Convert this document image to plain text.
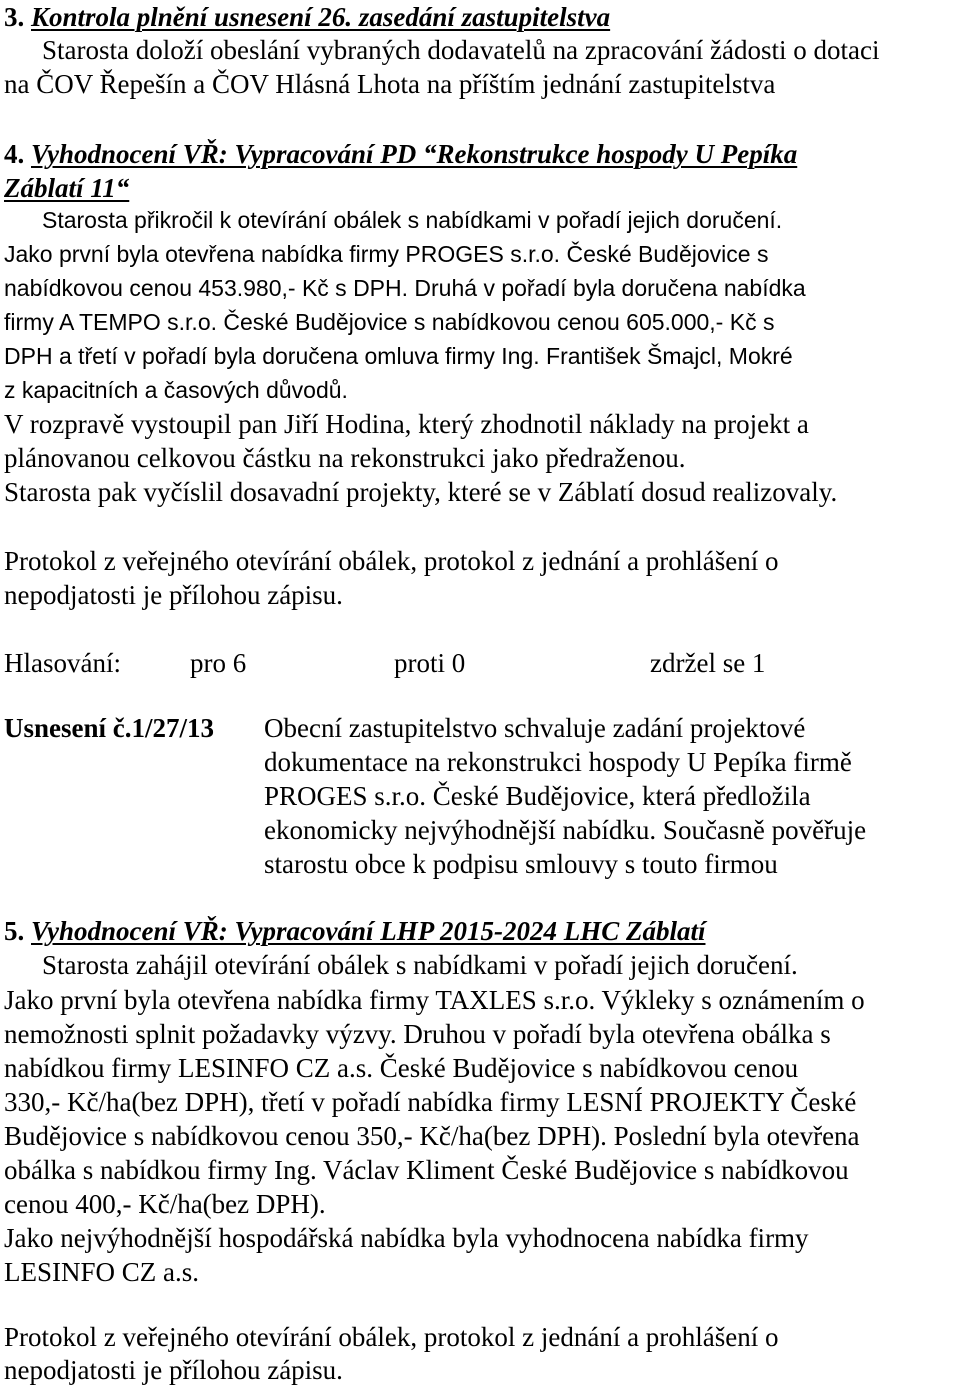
3. Kontrola plnění usnesení 26. zasedání zastupitelstva
Starosta doloží obeslání vybraných dodavatelů na zpracování žádosti o dotaci
na ČOV Řepešín a ČOV Hlásná Lhota na příštím jednání zastupitelstva
4. Vyhodnocení VŘ: Vypracování PD “Rekonstrukce hospody U Pepíka
Záblatí 11“
Starosta přikročil k otevírání obálek s nabídkami v pořadí jejich doručení.
Jako první byla otevřena nabídka firmy PROGES s.r.o. České Budějovice s
nabídkovou cenou 453.980,- Kč s DPH. Druhá v pořadí byla doručena nabídka
firmy A TEMPO s.r.o. České Budějovice s nabídkovou cenou 605.000,- Kč s
DPH a třetí v pořadí byla doručena omluva firmy Ing. František Šmajcl, Mokré
z kapacitních a časových důvodů.
V rozpravě vystoupil pan Jiří Hodina, který zhodnotil náklady na projekt a
plánovanou celkovou částku na rekonstrukci jako předraženou.
Starosta pak vyčíslil dosavadní projekty, které se v Záblatí dosud realizovaly.
Protokol z veřejného otevírání obálek, protokol z jednání a prohlášení o
nepodjatosti je přílohou zápisu.
Hlasování:	pro 6	proti 0	zdržel se 1
Usnesení č.1/27/13 Obecní zastupitelstvo schvaluje zadání projektové
dokumentace na rekonstrukci hospody U Pepíka firmě
PROGES s.r.o. České Budějovice, která předložila
ekonomicky nejvýhodnější nabídku. Současně pověřuje
starostu obce k podpisu smlouvy s touto firmou
5. Vyhodnocení VŘ: Vypracování LHP 2015-2024 LHC Záblatí
Starosta zahájil otevírání obálek s nabídkami v pořadí jejich doručení.
Jako první byla otevřena nabídka firmy TAXLES s.r.o. Výkleky s oznámením o
nemožnosti splnit požadavky výzvy. Druhou v pořadí byla otevřena obálka s
nabídkou firmy LESINFO CZ a.s. České Budějovice s nabídkovou cenou
330,- Kč/ha(bez DPH), třetí v pořadí nabídka firmy LESNÍ PROJEKTY České
Budějovice s nabídkovou cenou 350,- Kč/ha(bez DPH). Poslední byla otevřena
obálka s nabídkou firmy Ing. Václav Kliment České Budějovice s nabídkovou
cenou 400,- Kč/ha(bez DPH).
Jako nejvýhodnější hospodářská nabídka byla vyhodnocena nabídka firmy
LESINFO CZ a.s.
Protokol z veřejného otevírání obálek, protokol z jednání a prohlášení o
nepodjatosti je přílohou zápisu.
